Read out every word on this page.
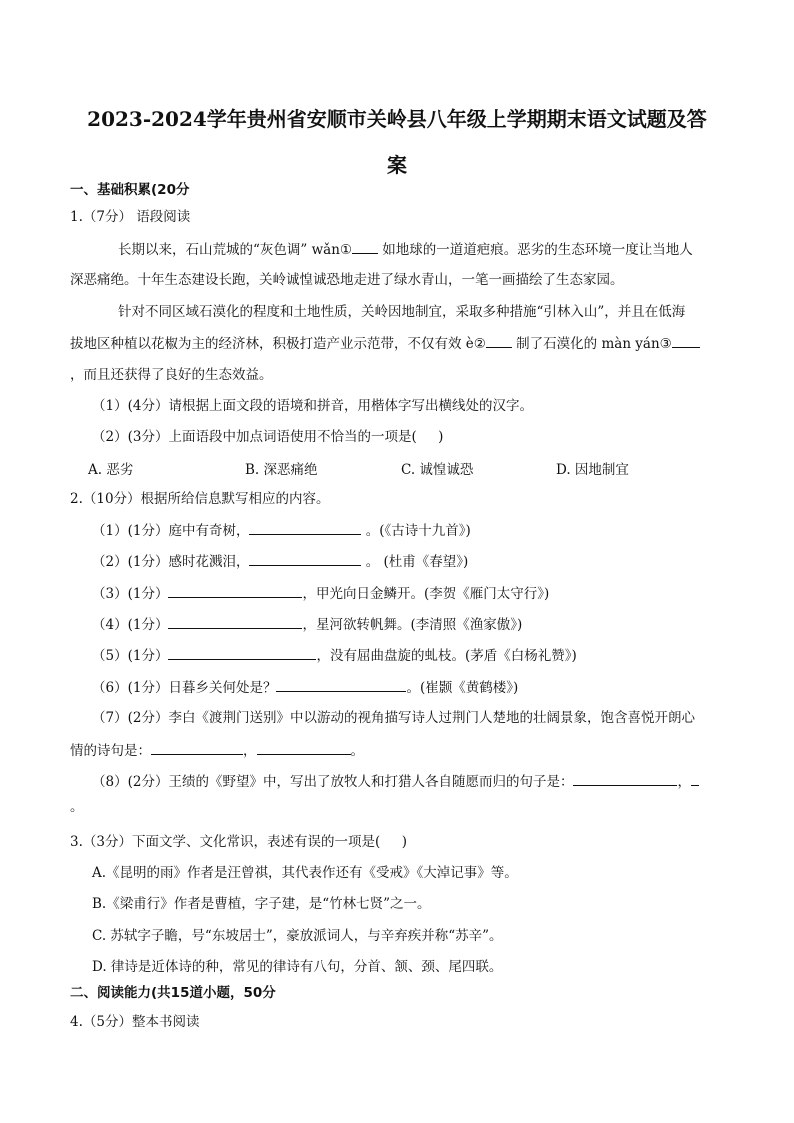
2023-2024学年贵州省安顺市关岭县八年级上学期期末语文试题及答
案
一、基础积累(20分
1.（7分） 语段阅读
长期以来，石山荒城的“灰色调” wǎn① 如地球的一道道疤痕。恶劣的生态环境一度让当地人
深恶痛绝。十年生态建设长跑，关岭诚惶诚恐地走进了绿水青山，一笔一画描绘了生态家园。
针对不同区域石漠化的程度和土地性质，关岭因地制宜，采取多种措施“引林入山”，并且在低海
拔地区种植以花椒为主的经济林，积极打造产业示范带，不仅有效 è② 制了石漠化的 màn yán③
，而且还获得了良好的生态效益。
（1）(4分）请根据上面文段的语境和拼音，用楷体字写出横线处的汉字。
（2）(3分）上面语段中加点词语使用不恰当的一项是(     )
A. 恶劣	B. 深恶痛绝	C. 诚惶诚恐	D. 因地制宜
2.（10分）根据所给信息默写相应的内容。
（1）(1分）庭中有奇树，	。(《古诗十九首》)
（2）(1分）感时花溅泪，	。 (杜甫《春望》)
（3）(1分）	，甲光向日金鳞开。(李贺《雁门太守行》)
（4）(1分）	，星河欲转帆舞。(李清照《渔家傲》)
（5）(1分）	，没有屈曲盘旋的虬枝。(茅盾《白杨礼赞》)
（6）(1分）日暮乡关何处是？	。(崔颢《黄鹤楼》)
（7）(2分）李白《渡荆门送别》中以游动的视角描写诗人过荆门人楚地的壮阔景象，饱含喜悦开朗心
情的诗句是：	，	。
（8）(2分）王绩的《野望》中，写出了放牧人和打猎人各自随愿而归的句子是：	，
。
3.（3分）下面文学、文化常识，表述有误的一项是(     )
A.《昆明的雨》作者是汪曾祺，其代表作还有《受戒》《大淖记事》等。
B.《梁甫行》作者是曹植，字子建，是“竹林七贤”之一。
C. 苏轼字子瞻，号“东坡居士”，豪放派词人，与辛弃疾并称“苏辛”。
D. 律诗是近体诗的种，常见的律诗有八句，分首、颔、颈、尾四联。
二、阅读能力(共15道小题，50分
4.（5分）整本书阅读
